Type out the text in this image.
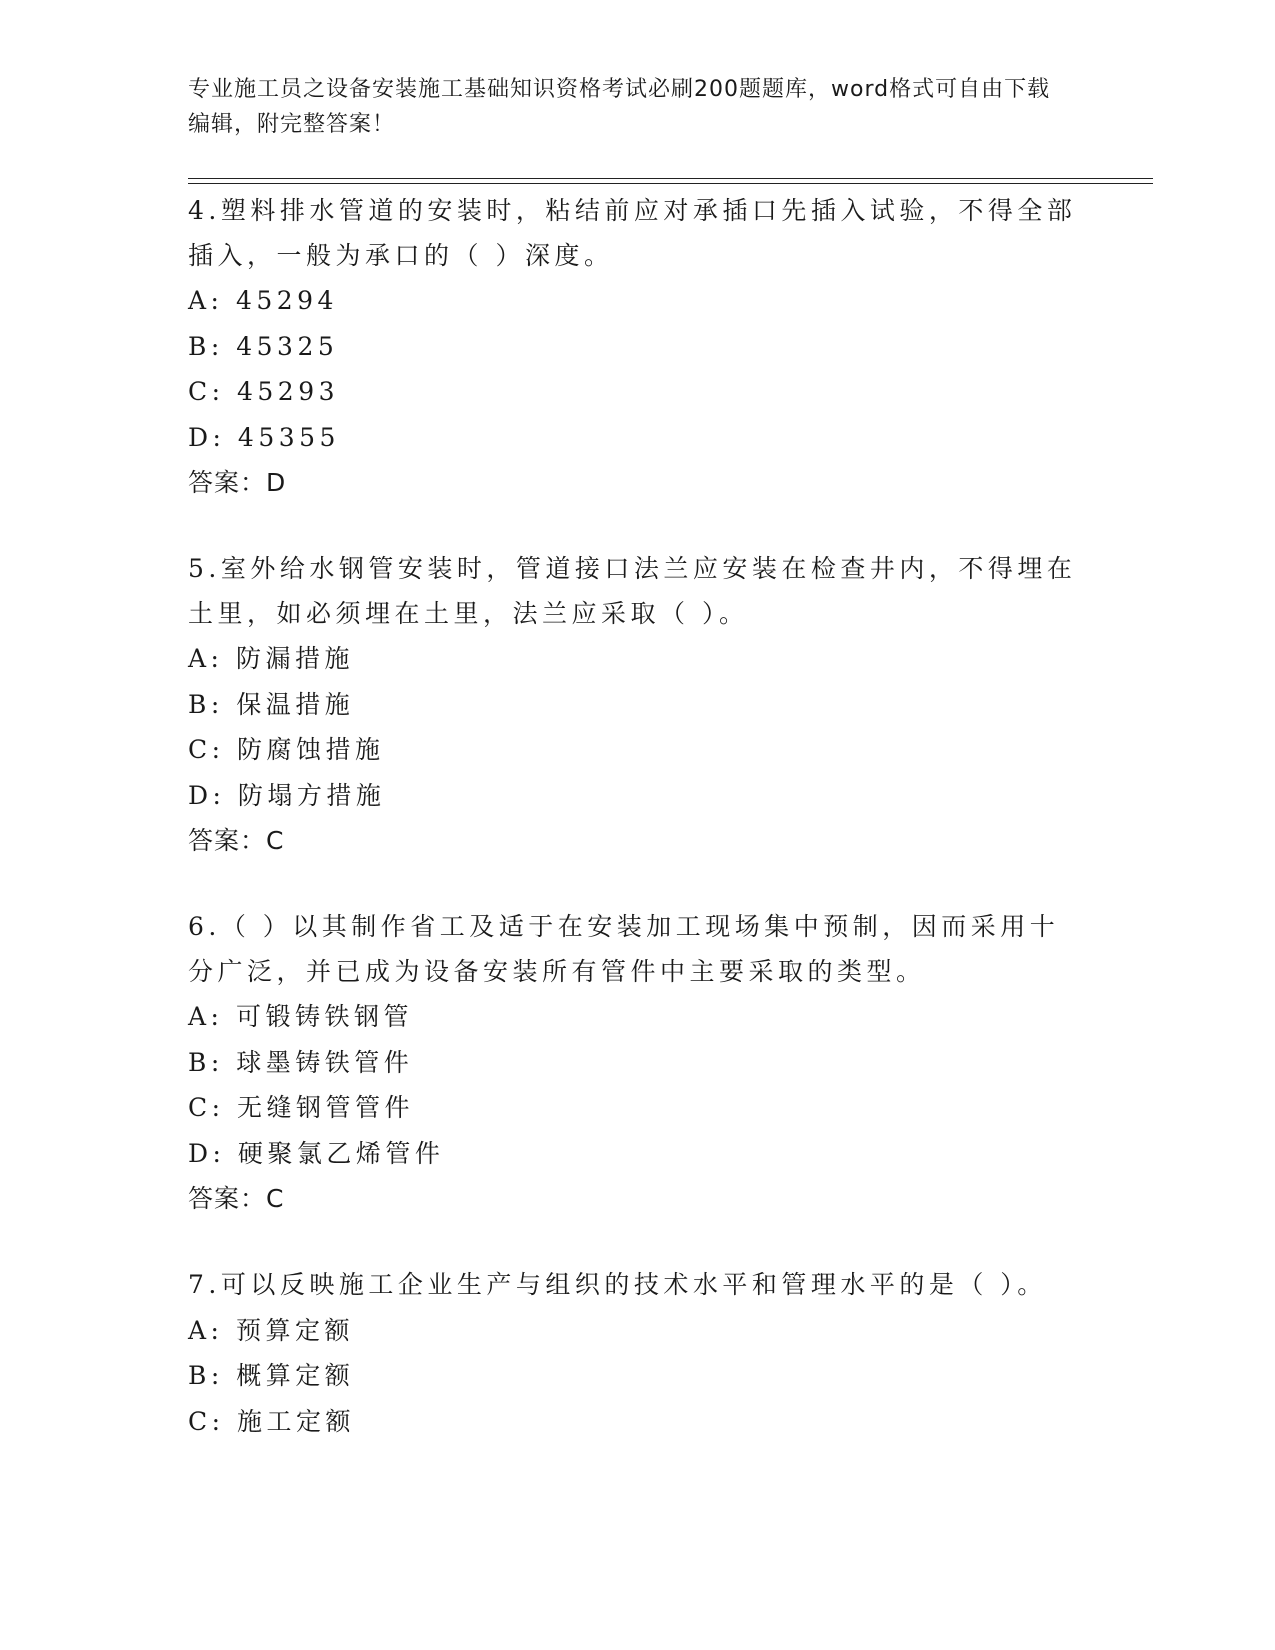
专业施工员之设备安装施工基础知识资格考试必刷200题题库，word格式可自由下载编辑，附完整答案！
4.塑料排水管道的安装时，粘结前应对承插口先插入试验，不得全部插入，一般为承口的（ ）深度。
A: 45294
B: 45325
C: 45293
D: 45355
答案：D
5.室外给水钢管安装时，管道接口法兰应安装在检查井内，不得埋在土里，如必须埋在土里，法兰应采取（ ）。
A: 防漏措施
B: 保温措施
C: 防腐蚀措施
D: 防塌方措施
答案：C
6.（ ）以其制作省工及适于在安装加工现场集中预制，因而采用十分广泛，并已成为设备安装所有管件中主要采取的类型。
A: 可锻铸铁钢管
B: 球墨铸铁管件
C: 无缝钢管管件
D: 硬聚氯乙烯管件
答案：C
7.可以反映施工企业生产与组织的技术水平和管理水平的是（ ）。
A: 预算定额
B: 概算定额
C: 施工定额
